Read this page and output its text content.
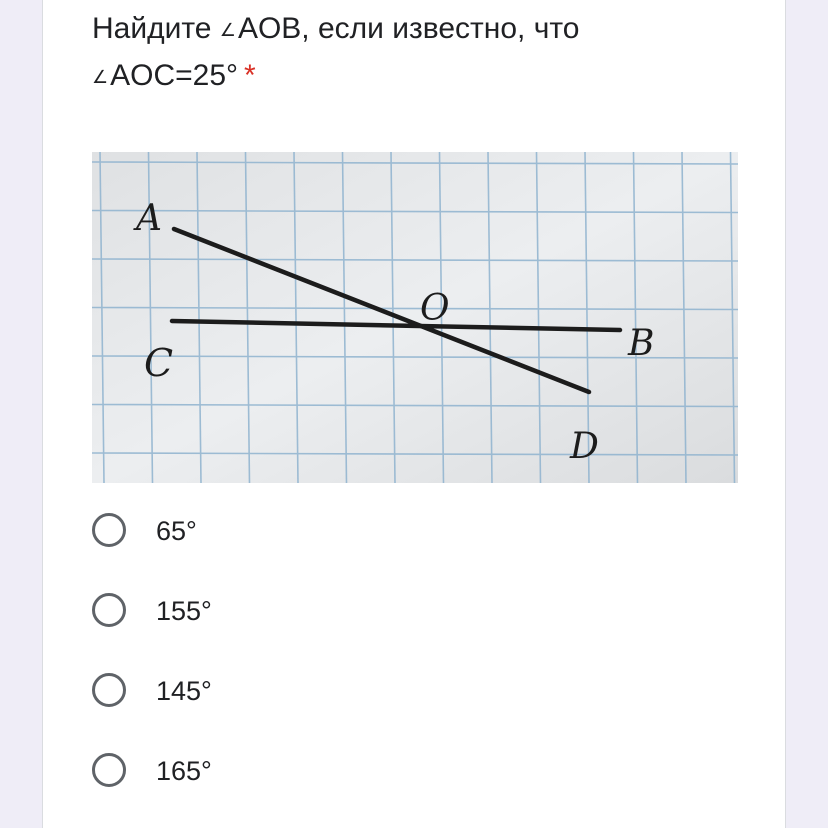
Найдите ∠AOB, если известно, что
∠AOC=25° *
A
C
O
B
D
65°
155°
145°
165°
